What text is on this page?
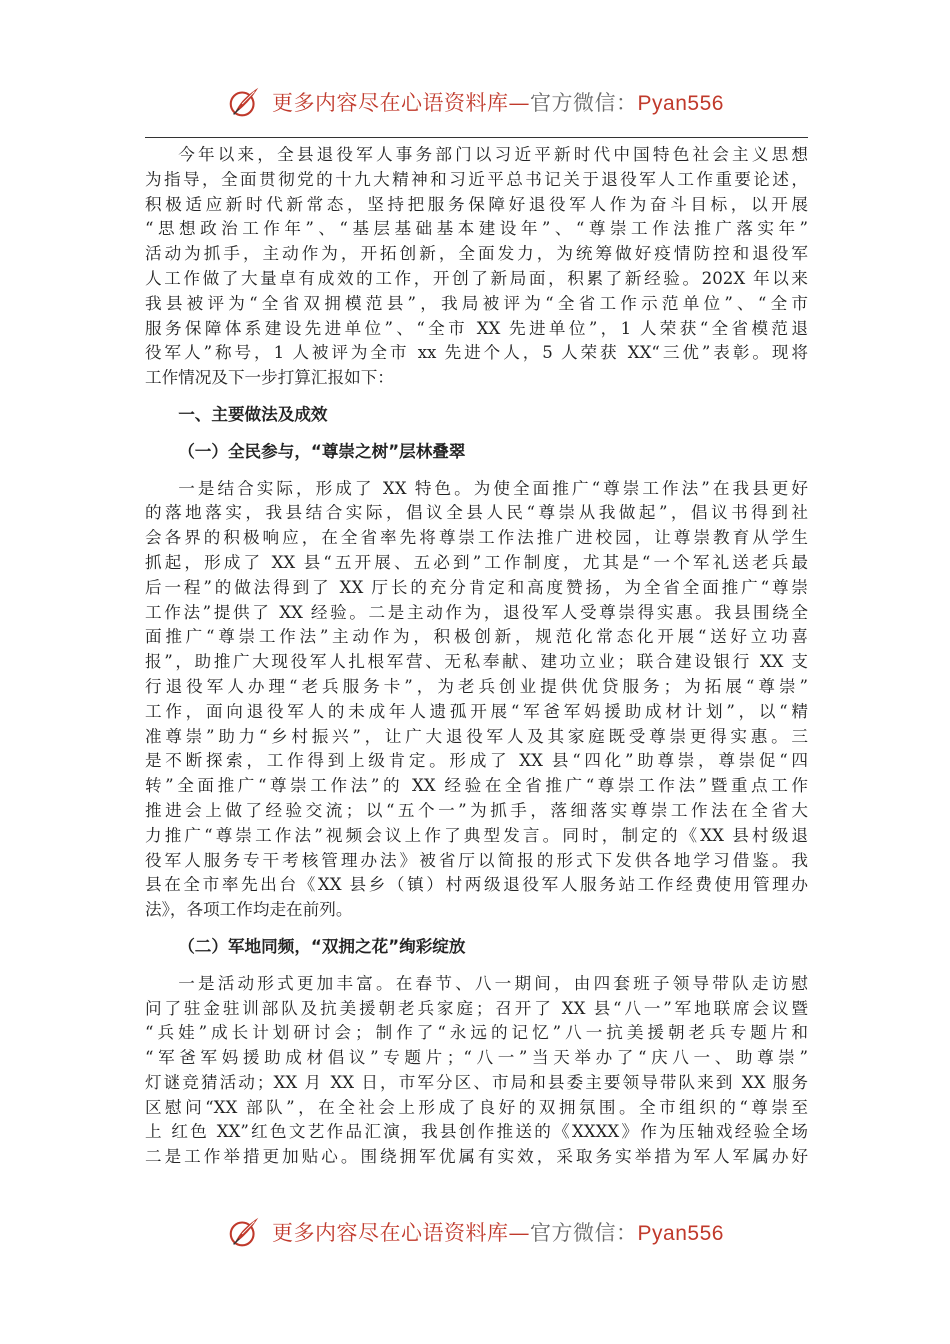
更多内容尽在心语资料库—官方微信：Pyan556
今年以来，全县退役军人事务部门以习近平新时代中国特色社会主义思想
为指导，全面贯彻党的十九大精神和习近平总书记关于退役军人工作重要论述，
积极适应新时代新常态，坚持把服务保障好退役军人作为奋斗目标，以开展
“思想政治工作年”、“基层基础基本建设年”、“尊崇工作法推广落实年”
活动为抓手，主动作为，开拓创新，全面发力，为统筹做好疫情防控和退役军
人工作做了大量卓有成效的工作，开创了新局面，积累了新经验。202X 年以来
我县被评为“全省双拥模范县”，我局被评为“全省工作示范单位”、“全市
服务保障体系建设先进单位”、“全市 XX 先进单位”，1 人荣获“全省模范退
役军人”称号，1 人被评为全市 xx 先进个人，5 人荣获 XX“三优”表彰。现将
工作情况及下一步打算汇报如下：
一、主要做法及成效
（一）全民参与，“尊崇之树”层林叠翠
一是结合实际，形成了 XX 特色。为使全面推广“尊崇工作法”在我县更好
的落地落实，我县结合实际，倡议全县人民“尊崇从我做起”，倡议书得到社
会各界的积极响应，在全省率先将尊崇工作法推广进校园，让尊崇教育从学生
抓起，形成了 XX 县“五开展、五必到”工作制度，尤其是“一个军礼送老兵最
后一程”的做法得到了 XX 厅长的充分肯定和高度赞扬，为全省全面推广“尊崇
工作法”提供了 XX 经验。二是主动作为，退役军人受尊崇得实惠。我县围绕全
面推广“尊崇工作法”主动作为，积极创新，规范化常态化开展“送好立功喜
报”，助推广大现役军人扎根军营、无私奉献、建功立业；联合建设银行 XX 支
行退役军人办理“老兵服务卡”，为老兵创业提供优贷服务；为拓展“尊崇”
工作，面向退役军人的未成年人遗孤开展“军爸军妈援助成材计划”，以“精
准尊崇”助力“乡村振兴”，让广大退役军人及其家庭既受尊崇更得实惠。三
是不断探索，工作得到上级肯定。形成了 XX 县“四化”助尊崇，尊崇促“四
转”全面推广“尊崇工作法”的 XX 经验在全省推广“尊崇工作法”暨重点工作
推进会上做了经验交流；以“五个一”为抓手，落细落实尊崇工作法在全省大
力推广“尊崇工作法”视频会议上作了典型发言。同时，制定的《XX 县村级退
役军人服务专干考核管理办法》被省厅以简报的形式下发供各地学习借鉴。我
县在全市率先出台《XX 县乡（镇）村两级退役军人服务站工作经费使用管理办
法》，各项工作均走在前列。
（二）军地同频，“双拥之花”绚彩绽放
一是活动形式更加丰富。在春节、八一期间，由四套班子领导带队走访慰
问了驻金驻训部队及抗美援朝老兵家庭；召开了 XX 县“八一”军地联席会议暨
“兵娃”成长计划研讨会；制作了“永远的记忆”八一抗美援朝老兵专题片和
“军爸军妈援助成材倡议”专题片；“八一”当天举办了“庆八一、助尊崇”
灯谜竞猜活动；XX 月 XX 日，市军分区、市局和县委主要领导带队来到 XX 服务
区慰问“XX 部队”，在全社会上形成了良好的双拥氛围。全市组织的“尊崇至
上 红色 XX”红色文艺作品汇演，我县创作推送的《XXXX》作为压轴戏经验全场
二是工作举措更加贴心。围绕拥军优属有实效，采取务实举措为军人军属办好
更多内容尽在心语资料库—官方微信：Pyan556
